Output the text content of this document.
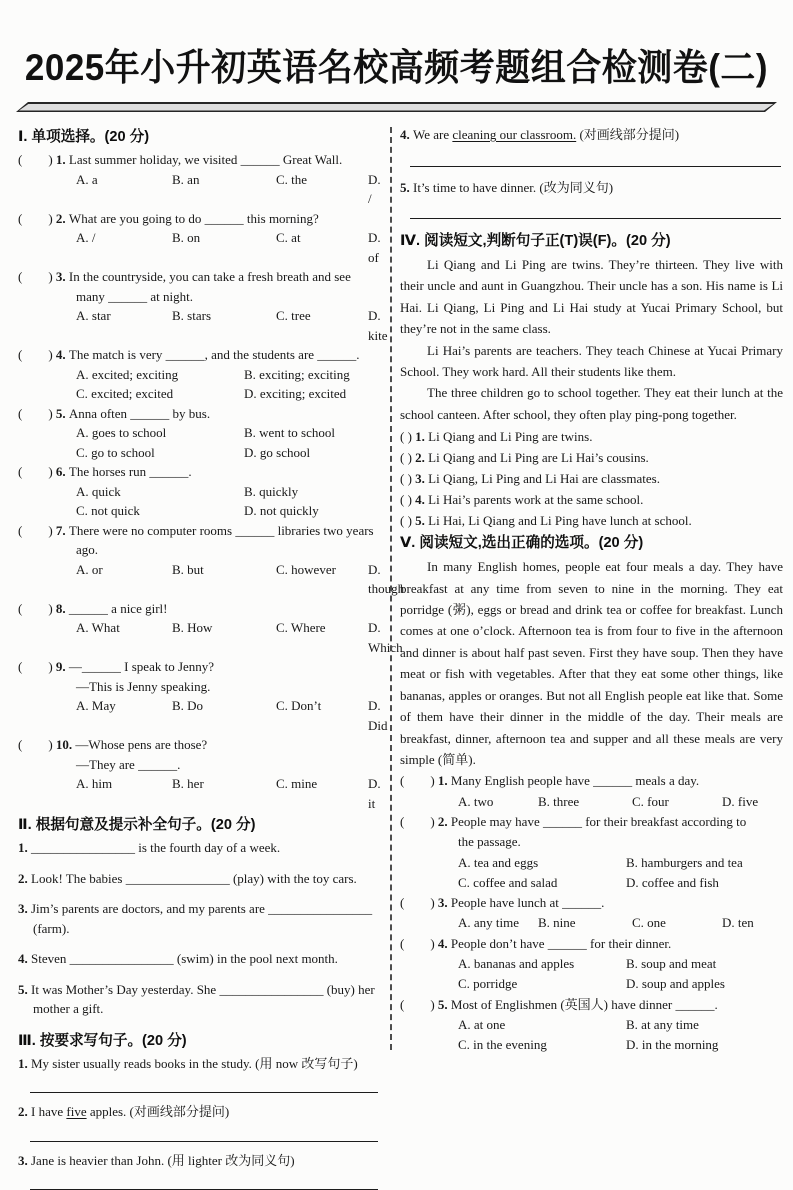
2025年小升初英语名校高频考题组合检测卷(二)
Ⅰ. 单项选择。(20 分)
(        ) 1. Last summer holiday, we visited ______ Great Wall.
A. a	B. an	C. the	D. /
(        ) 2. What are you going to do ______ this morning?
A. /	B. on	C. at	D. of
(        ) 3. In the countryside, you can take a fresh breath and see
many ______ at night.
A. star	B. stars	C. tree	D. kite
(        ) 4. The match is very ______, and the students are ______.
A. excited; exciting	B. exciting; exciting
C. excited; excited	D. exciting; excited
(        ) 5. Anna often ______ by bus.
A. goes to school	B. went to school
C. go to school	D. go school
(        ) 6. The horses run ______.
A. quick	B. quickly
C. not quick	D. not quickly
(        ) 7. There were no computer rooms ______ libraries two years
ago.
A. or	B. but	C. however	D. though
(        ) 8. ______ a nice girl!
A. What	B. How	C. Where	D. Which
(        ) 9. —______ I speak to Jenny?
—This is Jenny speaking.
A. May	B. Do	C. Don’t	D. Did
(        ) 10. —Whose pens are those?
—They are ______.
A. him	B. her	C. mine	D. it
Ⅱ. 根据句意及提示补全句子。(20 分)
1. ________________ is the fourth day of a week.
2. Look! The babies ________________ (play) with the toy cars.
3. Jim’s parents are doctors, and my parents are ________________
(farm).
4. Steven ________________ (swim) in the pool next month.
5. It was Mother’s Day yesterday. She ________________ (buy) her
mother a gift.
Ⅲ. 按要求写句子。(20 分)
1. My sister usually reads books in the study. (用 now 改写句子)
2. I have five apples. (对画线部分提问)
3. Jane is heavier than John. (用 lighter 改为同义句)
4. We are cleaning our classroom. (对画线部分提问)
5. It’s time to have dinner. (改为同义句)
Ⅳ. 阅读短文,判断句子正(T)误(F)。(20 分)

Li Qiang and Li Ping are twins. They’re thirteen. They live with their uncle and aunt in Guangzhou. Their uncle has a son. His name is Li Hai. Li Qiang, Li Ping and Li Hai study at Yucai Primary School, but they’re not in the same class.

Li Hai’s parents are teachers. They teach Chinese at Yucai Primary School. They work hard. All their students like them.

The three children go to school together. They eat their lunch at the school canteen. After school, they often play ping-pong together.

( ) 1. Li Qiang and Li Ping are twins.
( ) 2. Li Qiang and Li Ping are Li Hai’s cousins.
( ) 3. Li Qiang, Li Ping and Li Hai are classmates.
( ) 4. Li Hai’s parents work at the same school.
( ) 5. Li Hai, Li Qiang and Li Ping have lunch at school.
Ⅴ. 阅读短文,选出正确的选项。(20 分)

In many English homes, people eat four meals a day. They have breakfast at any time from seven to nine in the morning. They eat porridge (粥), eggs or bread and drink tea or coffee for breakfast. Lunch comes at one o’clock. Afternoon tea is from four to five in the afternoon and dinner is about half past seven. First they have soup. Then they have meat or fish with vegetables. After that they eat some other things, like bananas, apples or oranges. But not all English people eat like that. Some of them have their dinner in the middle of the day. Their meals are breakfast, dinner, afternoon tea and supper and all these meals are very simple (简单).

(        ) 1. Many English people have ______ meals a day.
A. two	B. three	C. four	D. five
(        ) 2. People may have ______ for their breakfast according to
the passage.
A. tea and eggs	B. hamburgers and tea
C. coffee and salad	D. coffee and fish
(        ) 3. People have lunch at ______.
A. any time	B. nine	C. one	D. ten
(        ) 4. People don’t have ______ for their dinner.
A. bananas and apples	B. soup and meat
C. porridge	D. soup and apples
(        ) 5. Most of Englishmen (英国人) have dinner ______.
A. at one	B. at any time
C. in the evening	D. in the morning
